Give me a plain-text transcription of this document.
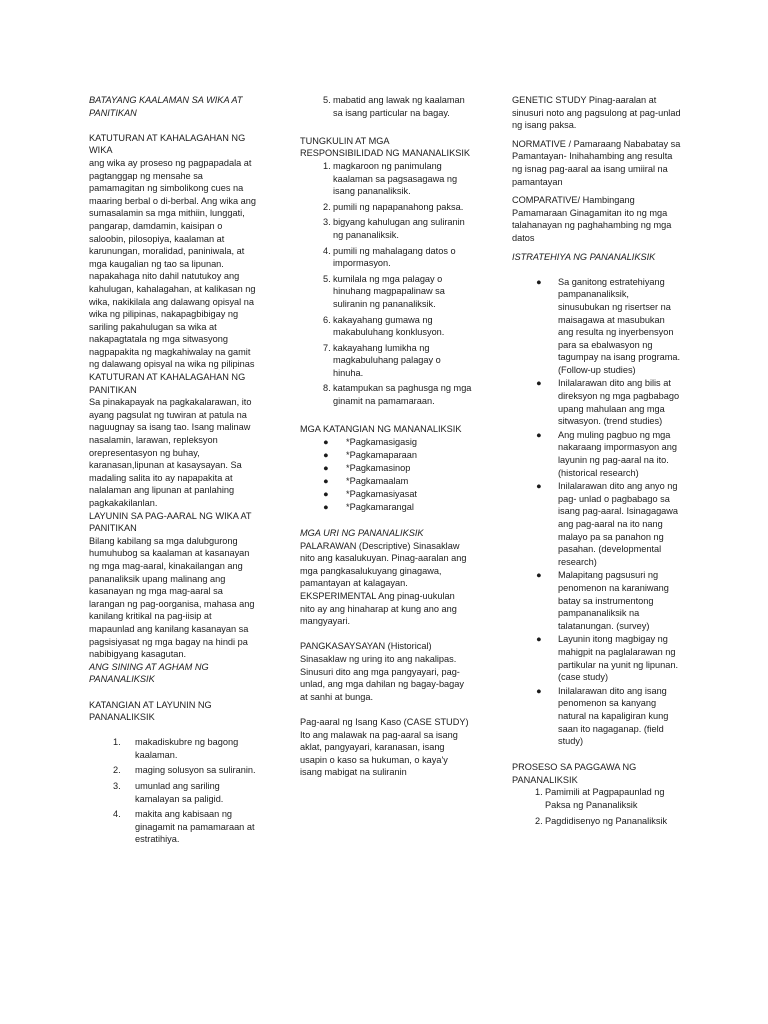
BATAYANG KAALAMAN SA WIKA AT PANITIKAN
KATUTURAN AT KAHALAGAHAN NG WIKA
ang wika ay proseso ng pagpapadala at pagtanggap ng mensahe sa pamamagitan ng simbolikong cues na maaring berbal o di-berbal. Ang wika ang sumasalamin sa mga mithiin, lunggati, pangarap, damdamin, kaisipan o saloobin, pilosopiya, kaalaman at karunungan, moralidad, paniniwala, at mga kaugalian ng tao sa lipunan. napakahaga nito dahil natutukoy ang kahulugan, kahalagahan, at kalikasan ng wika, nakikilala ang dalawang opisyal na wika ng pilipinas, nakapagbibigay ng sariling pakahulugan sa wika at nakapagtatala ng mga sitwasyong nagpapakita ng magkahiwalay na gamit ng dalawang opisyal na wika ng pilipinas
KATUTURAN AT KAHALAGAHAN NG PANITIKAN
Sa pinakapayak na pagkakalarawan, ito ayang pagsulat ng tuwiran at patula na naguugnay sa isang tao. Isang malinaw nasalamin, larawan, repleksyon orepresentasyon ng buhay, karanasan,lipunan at kasaysayan. Sa madaling salita ito ay napapakita at nalalaman ang lipunan at panlahing pagkakakilanlan.
LAYUNIN SA PAG-AARAL NG WIKA AT PANITIKAN
Bilang kabilang sa mga dalubgurong humuhubog sa kaalaman at kasanayan ng mga mag-aaral, kinakailangan ang pananaliksik upang malinang ang kasanayan ng mga mag-aaral sa larangan ng pag-oorganisa, mahasa ang kanilang kritikal na pag-iisip at mapaunlad ang kanilang kasanayan sa pagsisiyasat ng mga bagay na hindi pa nabibigyang kasagutan.
ANG SINING AT AGHAM NG PANANALIKSIK
KATANGIAN AT LAYUNIN NG PANANALIKSIK
1. makadiskubre ng bagong kaalaman.
2. maging solusyon sa suliranin.
3. umunlad ang sariling kamalayan sa paligid.
4. makita ang kabisaan ng ginagamit na pamamaraan at estratihiya.
5. mabatid ang lawak ng kaalaman sa isang particular na bagay.
TUNGKULIN AT MGA RESPONSIBILIDAD NG MANANALIKSIK
1. magkaroon ng panimulang kaalaman sa pagsasagawa ng isang pananaliksik.
2. pumili ng napapanahong paksa.
3. bigyang kahulugan ang suliranin ng pananaliksik.
4. pumili ng mahalagang datos o impormasyon.
5. kumilala ng mga palagay o hinuhang magpapalinaw sa suliranin ng pananaliksik.
6. kakayahang gumawa ng makabuluhang konklusyon.
7. kakayahang lumikha ng magkabuluhang palagay o hinuha.
8. katampukan sa paghusga ng mga ginamit na pamamaraan.
MGA KATANGIAN NG MANANALIKSIK
● *Pagkamasigasig
● *Pagkamaparaan
● *Pagkamasinop
● *Pagkamaalam
● *Pagkamasiyasat
● *Pagkamarangal
MGA URI NG PANANALIKSIK
PALARAWAN (Descriptive) Sinasaklaw nito ang kasalukuyan. Pinag-aaralan ang mga pangkasalukuyang ginagawa, pamantayan at kalagayan.
EKSPERIMENTAL Ang pinag-uukulan nito ay ang hinaharap at kung ano ang mangyayari.
PANGKASAYSAYAN (Historical) Sinasaklaw ng uring ito ang nakalipas. Sinusuri dito ang mga pangyayari, pag-unlad, ang mga dahilan ng bagay-bagay at sanhi at bunga.
Pag-aaral ng Isang Kaso (CASE STUDY) Ito ang malawak na pag-aaral sa isang aklat, pangyayari, karanasan, isang usapin o kaso sa hukuman, o kaya'y isang mabigat na suliranin
GENETIC STUDY Pinag-aaralan at sinusuri noto ang pagsulong at pag-unlad ng isang paksa.
NORMATIVE / Pamaraang Nababatay sa Pamantayan- Inihahambing ang resulta ng isnag pag-aaral aa isang umiiral na pamantayan
COMPARATIVE/ Hambingang Pamamaraan Ginagamitan ito ng mga talahanayan ng paghahambing ng mga datos
ISTRATEHIYA NG PANANALIKSIK
● Sa ganitong estratehiyang pampananaliksik, sinusubukan ng risertser na maisagawa at masubukan ang resulta ng inyerbensyon para sa ebalwasyon ng tagumpay na isang programa. (Follow-up studies)
● Inilalarawan dito ang bilis at direksyon ng mga pagbabago upang mahulaan ang mga sitwasyon. (trend studies)
● Ang muling pagbuo ng mga nakaraang impormasyon ang layunin ng pag-aaral na ito. (historical research)
● Inilalarawan dito ang anyo ng pag- unlad o pagbabago sa isang pag-aaral. Isinagagawa ang pag-aaral na ito nang malayo pa sa panahon ng pasahan. (developmental research)
● Malapitang pagsusuri ng penomenon na karaniwang batay sa instrumentong pampananaliksik na talatanungan. (survey)
● Layunin itong magbigay ng mahigpit na paglalarawan ng partikular na yunit ng lipunan. (case study)
● Inilalarawan dito ang isang penomenon sa kanyang natural na kapaligiran kung saan ito nagaganap. (field study)
PROSESO SA PAGGAWA NG PANANALIKSIK
1. Pamimili at Pagpapaunlad ng Paksa ng Pananaliksik
2. Pagdidisenyo ng Pananaliksik
